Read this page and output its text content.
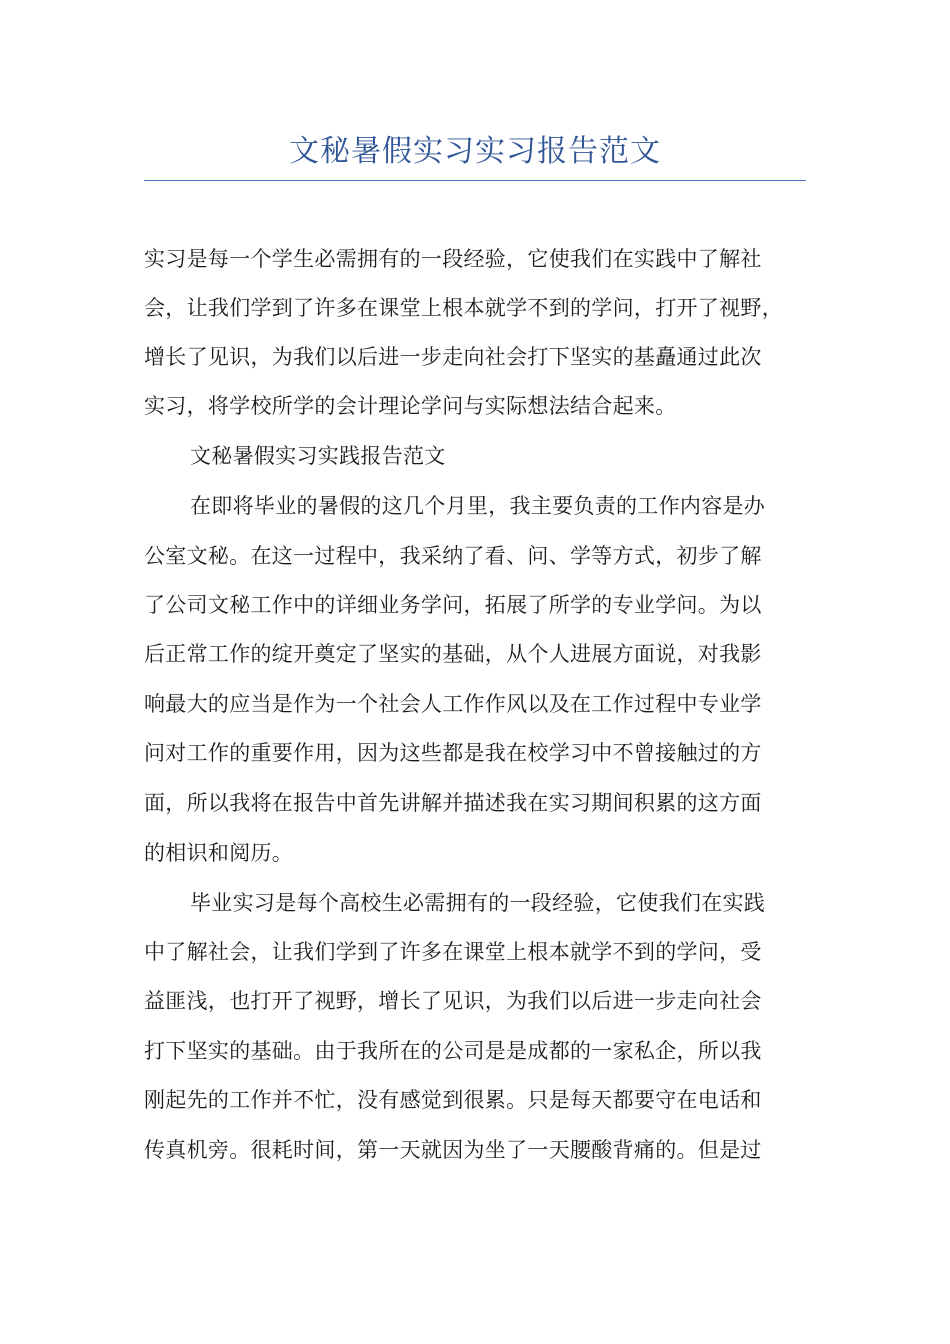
文秘暑假实习实习报告范文
实习是每一个学生必需拥有的一段经验，它使我们在实践中了解社
会，让我们学到了许多在课堂上根本就学不到的学问，打开了视野，
增长了见识，为我们以后进一步走向社会打下坚实的基矗通过此次
实习，将学校所学的会计理论学问与实际想法结合起来。
文秘暑假实习实践报告范文
在即将毕业的暑假的这几个月里，我主要负责的工作内容是办
公室文秘。在这一过程中，我采纳了看、问、学等方式，初步了解
了公司文秘工作中的详细业务学问，拓展了所学的专业学问。为以
后正常工作的绽开奠定了坚实的基础，从个人进展方面说，对我影
响最大的应当是作为一个社会人工作作风以及在工作过程中专业学
问对工作的重要作用，因为这些都是我在校学习中不曾接触过的方
面，所以我将在报告中首先讲解并描述我在实习期间积累的这方面
的相识和阅历。
毕业实习是每个高校生必需拥有的一段经验，它使我们在实践
中了解社会，让我们学到了许多在课堂上根本就学不到的学问，受
益匪浅，也打开了视野，增长了见识，为我们以后进一步走向社会
打下坚实的基础。由于我所在的公司是是成都的一家私企，所以我
刚起先的工作并不忙，没有感觉到很累。只是每天都要守在电话和
传真机旁。很耗时间，第一天就因为坐了一天腰酸背痛的。但是过
